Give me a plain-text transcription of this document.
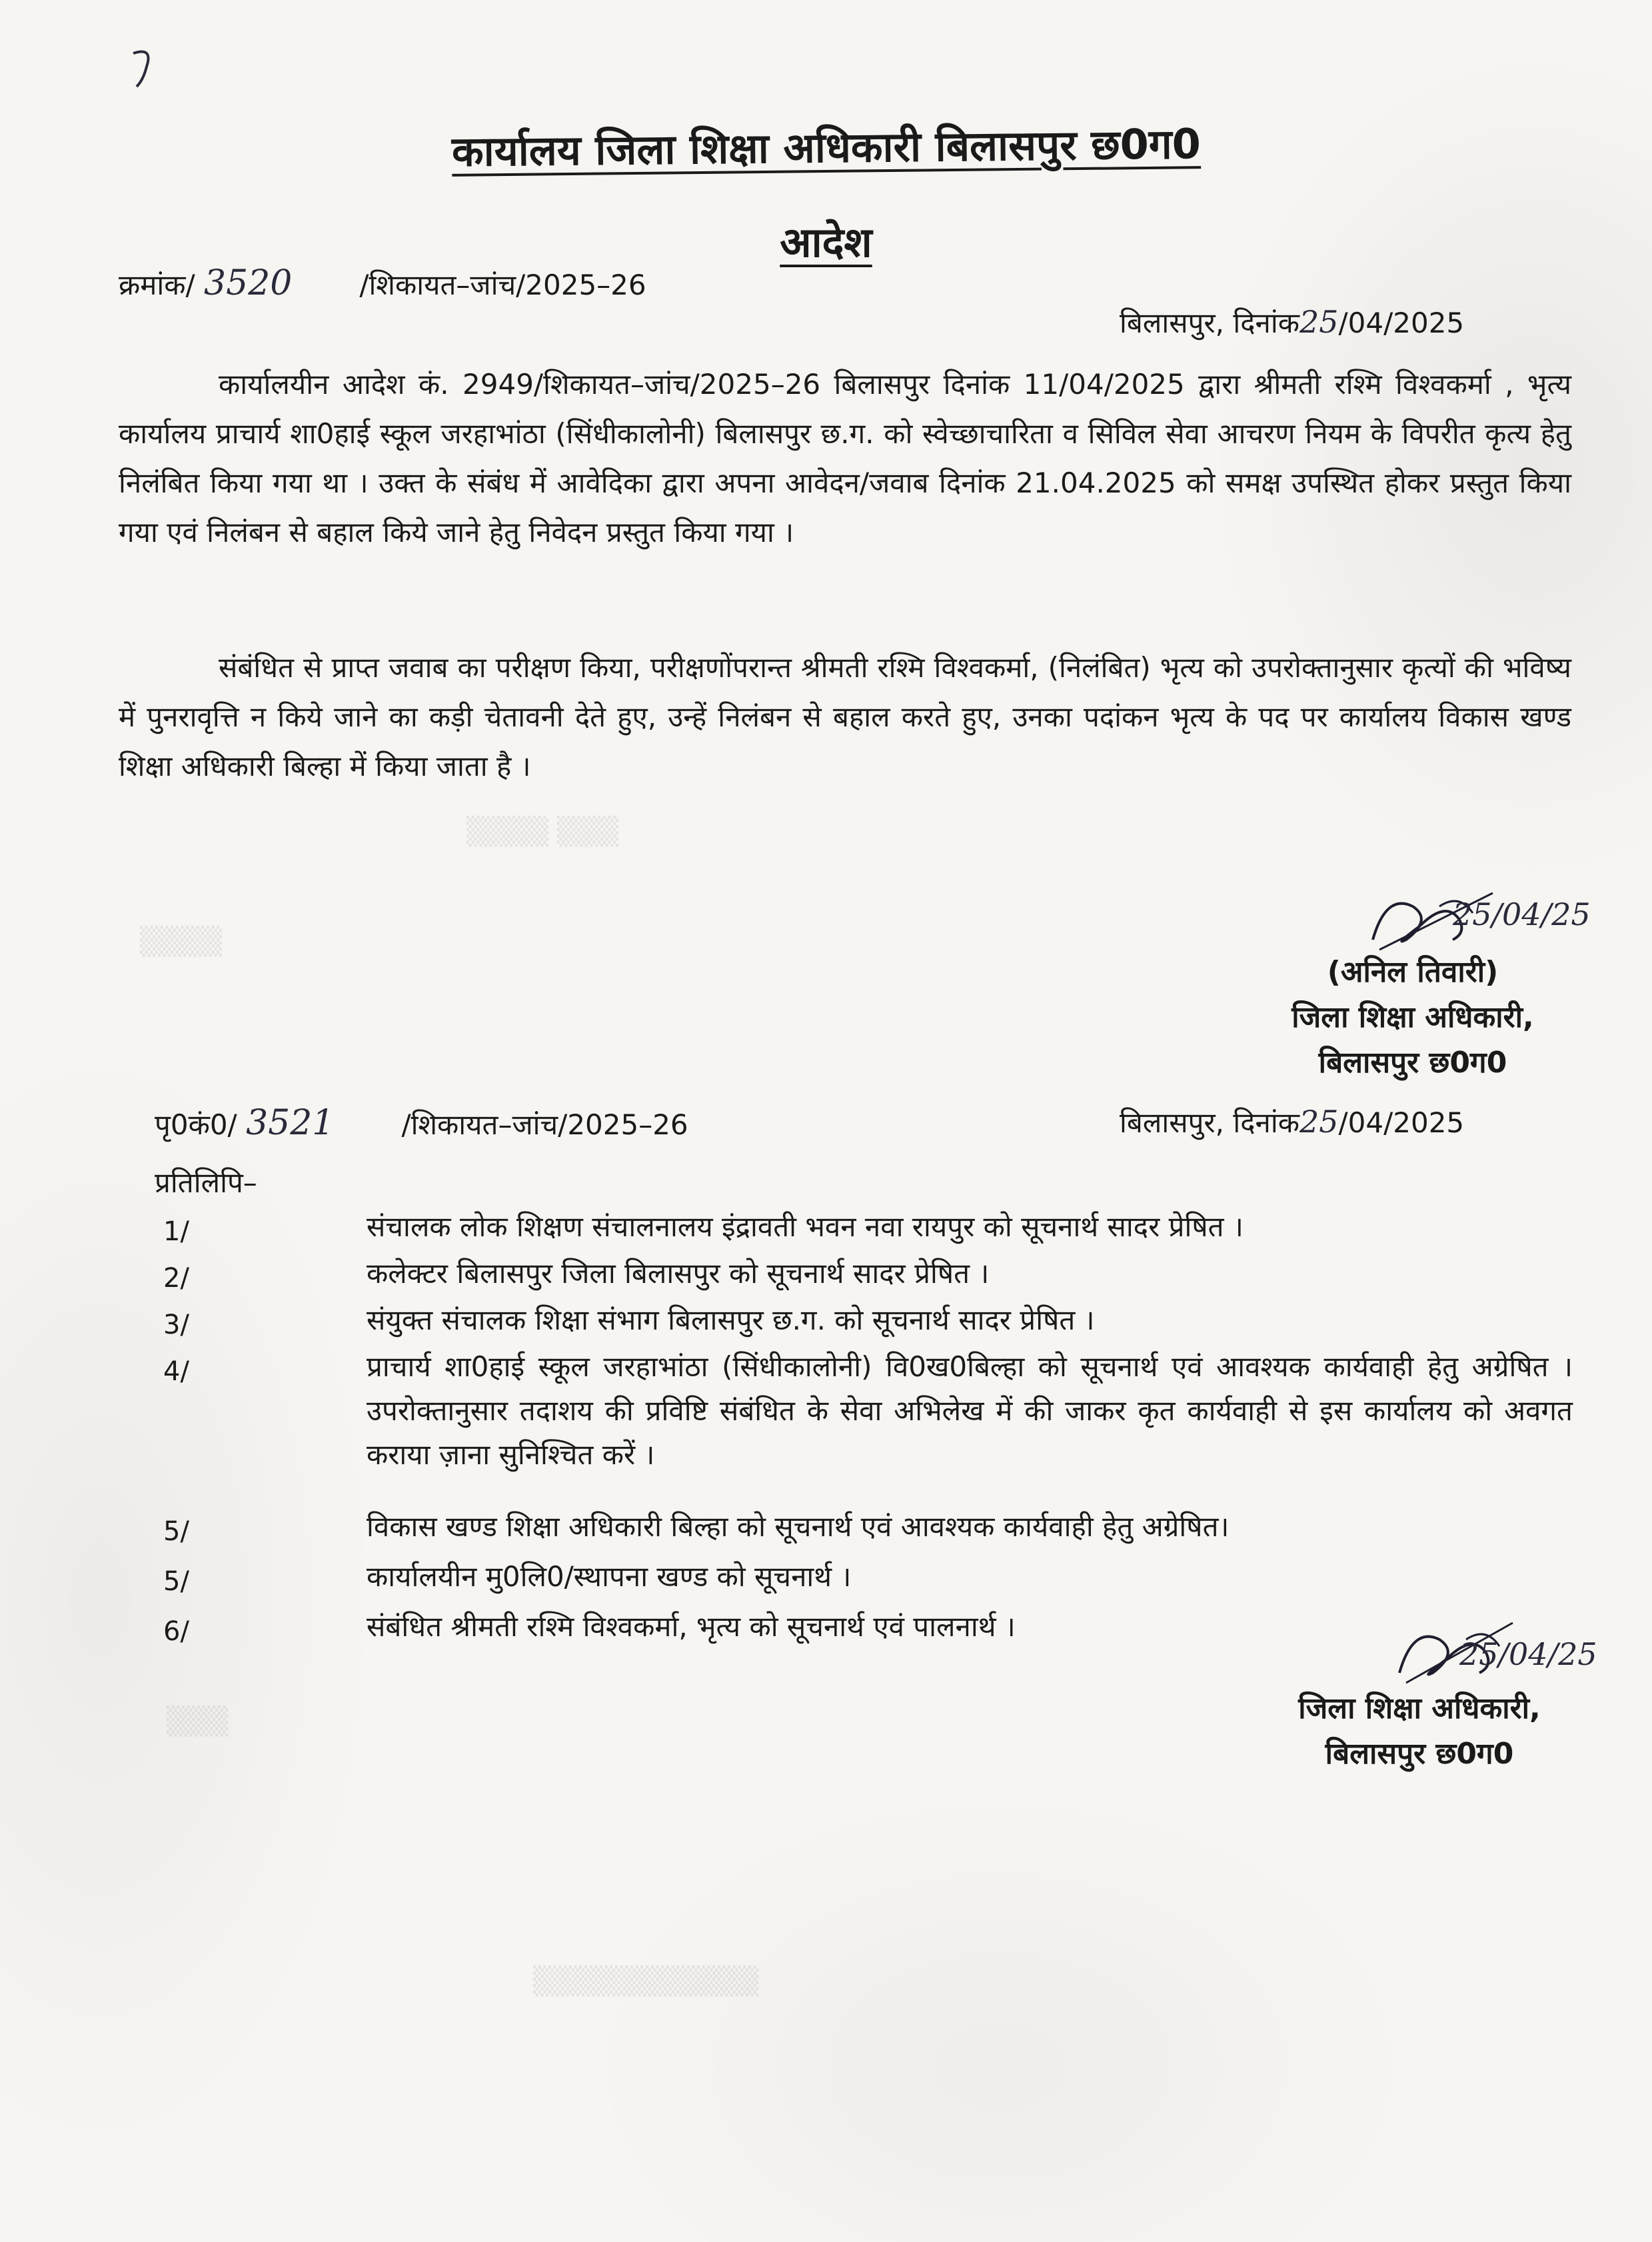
▒▒▒▒ ▒▒▒
▒▒▒▒
▒▒▒
▒▒▒▒▒▒▒▒▒▒▒
कार्यालय जिला शिक्षा अधिकारी बिलासपुर छ0ग0
आदेश
क्रमांक/ 3520 /शिकायत–जांच/2025–26
बिलासपुर, दिनांक25/04/2025
कार्यालयीन आदेश कं. 2949/शिकायत–जांच/2025–26 बिलासपुर दिनांक 11/04/2025 द्वारा श्रीमती रश्मि विश्वकर्मा , भृत्य कार्यालय प्राचार्य शा0हाई स्कूल जरहाभांठा (सिंधीकालोनी) बिलासपुर छ.ग. को स्वेच्छाचारिता व सिविल सेवा आचरण नियम के विपरीत कृत्य हेतु निलंबित किया गया था । उक्त के संबंध में आवेदिका द्वारा अपना आवेदन/जवाब दिनांक 21.04.2025 को समक्ष उपस्थित होकर प्रस्तुत किया गया एवं निलंबन से बहाल किये जाने हेतु निवेदन प्रस्तुत किया गया ।
संबंधित से प्राप्त जवाब का परीक्षण किया, परीक्षणोंपरान्त श्रीमती रश्मि विश्वकर्मा, (निलंबित) भृत्य को उपरोक्तानुसार कृत्यों की भविष्य में पुनरावृत्ति न किये जाने का कड़ी चेतावनी देते हुए, उन्हें निलंबन से बहाल करते हुए, उनका पदांकन भृत्य के पद पर कार्यालय विकास खण्ड शिक्षा अधिकारी बिल्हा में किया जाता है ।
25/04/25
(अनिल तिवारी)
जिला शिक्षा अधिकारी,
बिलासपुर छ0ग0
पृ0कं0/ 3521 /शिकायत–जांच/2025–26	बिलासपुर, दिनांक25/04/2025
प्रतिलिपि–
1/	संचालक लोक शिक्षण संचालनालय इंद्रावती भवन नवा रायपुर को सूचनार्थ सादर प्रेषित ।
2/	कलेक्टर बिलासपुर जिला बिलासपुर को सूचनार्थ सादर प्रेषित ।
3/	संयुक्त संचालक शिक्षा संभाग बिलासपुर छ.ग. को सूचनार्थ सादर प्रेषित ।
4/	प्राचार्य शा0हाई स्कूल जरहाभांठा (सिंधीकालोनी) वि0ख0बिल्हा को सूचनार्थ एवं आवश्यक कार्यवाही हेतु अग्रेषित । उपरोक्तानुसार तदाशय की प्रविष्टि संबंधित के सेवा अभिलेख में की जाकर कृत कार्यवाही से इस कार्यालय को अवगत कराया ज़ाना सुनिश्चित करें ।
5/	विकास खण्ड शिक्षा अधिकारी बिल्हा को सूचनार्थ एवं आवश्यक कार्यवाही हेतु अग्रेषित।
5/	कार्यालयीन मु0लि0/स्थापना खण्ड को सूचनार्थ ।
6/	संबंधित श्रीमती रश्मि विश्वकर्मा, भृत्य को सूचनार्थ एवं पालनार्थ ।
25/04/25
जिला शिक्षा अधिकारी,
बिलासपुर छ0ग0
